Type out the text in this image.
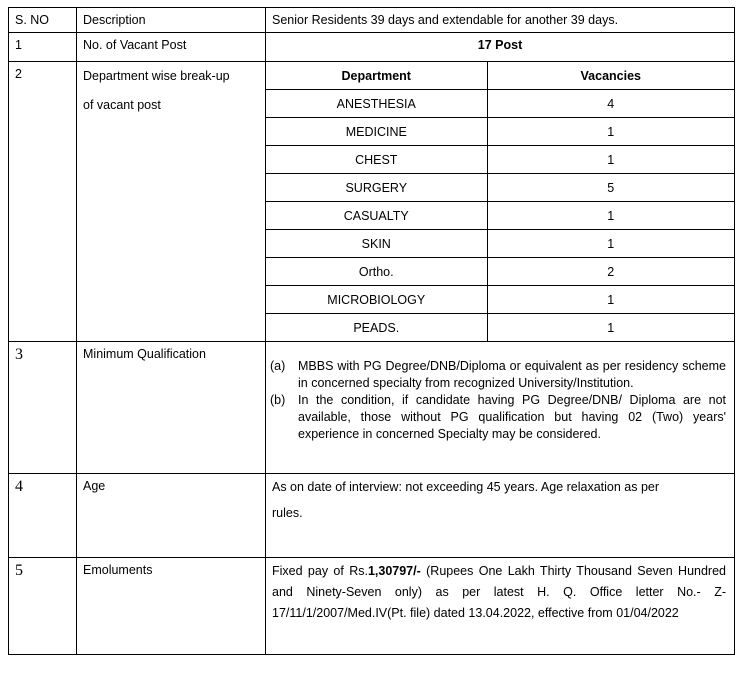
S. NO	Description	Senior Residents 39 days and extendable for another 39 days.

1	No. of Vacant Post	17 Post

2	Department wise break-up
of vacant post

Department	Vacancies
ANESTHESIA	4
MEDICINE	1
CHEST	1
SURGERY	5
CASUALTY	1
SKIN	1
Ortho.	2
MICROBIOLOGY	1
PEADS.	1

3	Minimum Qualification

(a)	MBBS with PG Degree/DNB/Diploma or equivalent as per residency scheme in concerned specialty from recognized University/Institution.
(b)	In the condition, if candidate having PG Degree/DNB/ Diploma are not available, those without PG qualification but having 02 (Two) years' experience in concerned Specialty may be considered.

4	Age	As on date of interview: not exceeding 45 years. Age relaxation as per
rules.

5	Emoluments	Fixed pay of Rs.1,30797/- (Rupees One Lakh Thirty Thousand Seven Hundred and Ninety-Seven only) as per latest H. Q. Office letter No.- Z-17/11/1/2007/Med.IV(Pt. file) dated 13.04.2022, effective from 01/04/2022
